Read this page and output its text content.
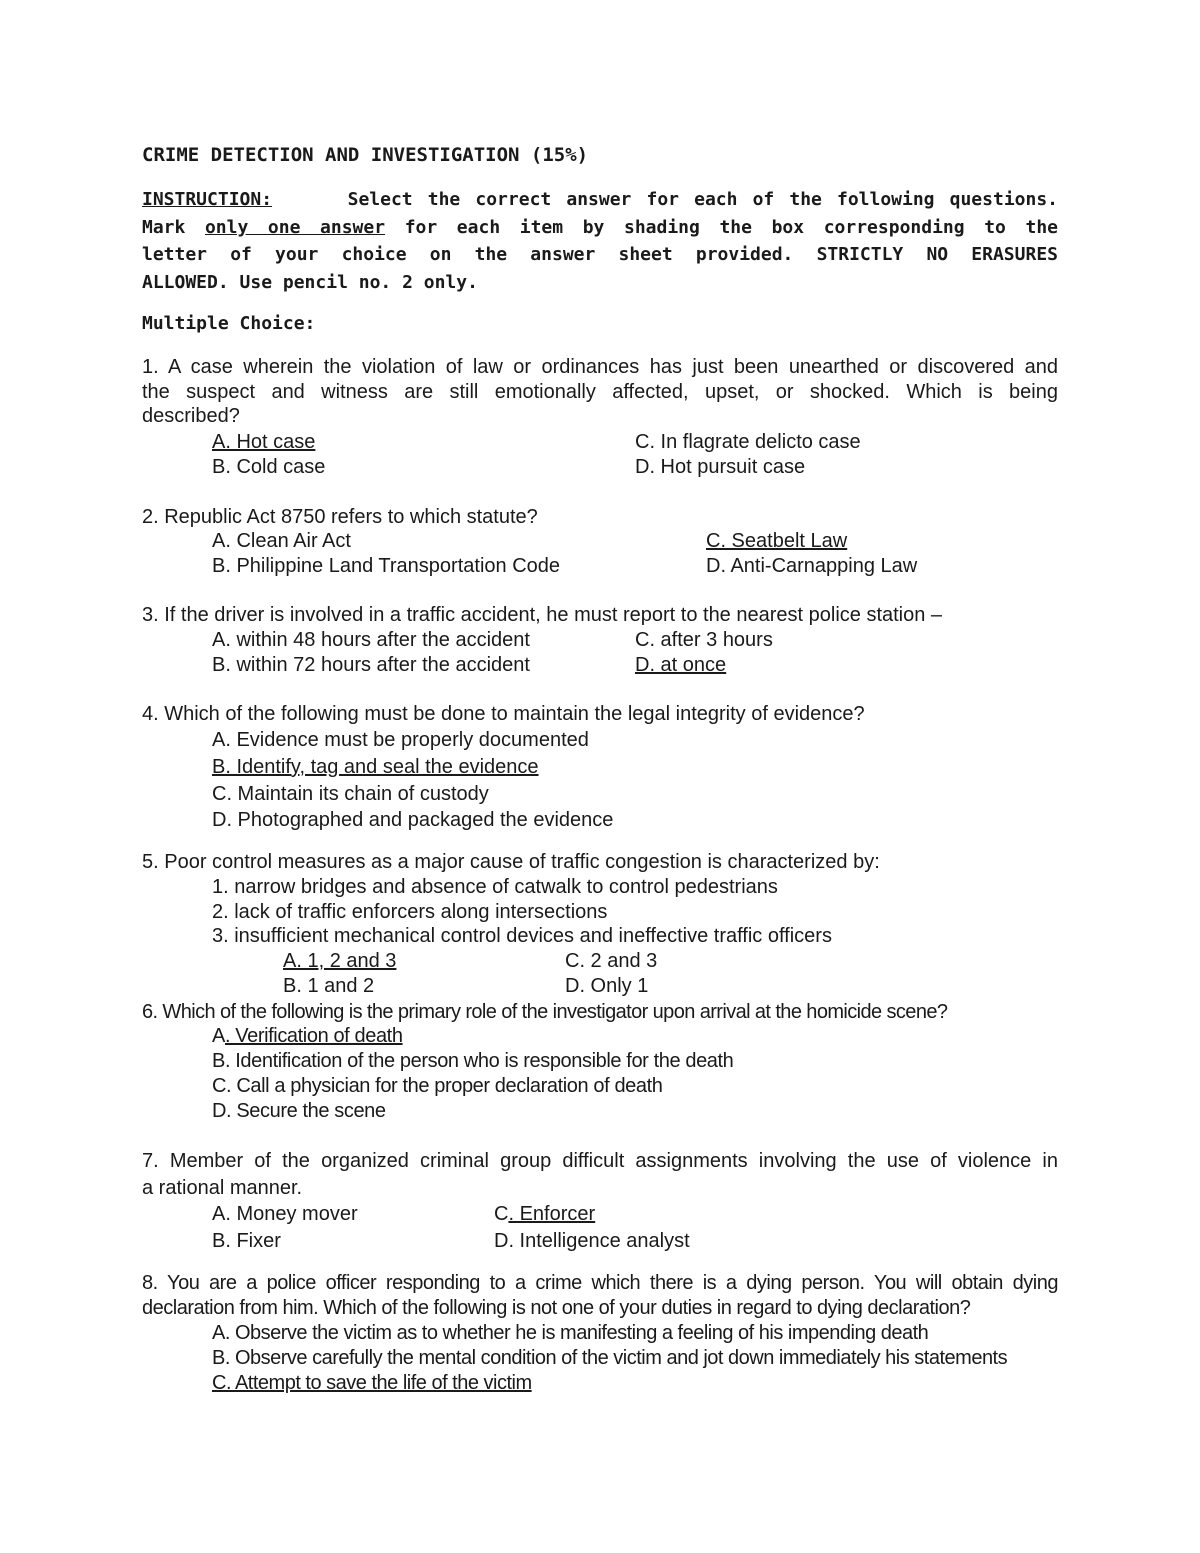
CRIME DETECTION AND INVESTIGATION (15%)
INSTRUCTION:	Select the correct answer for each of the following questions.
Mark only one answer for each item by shading the box corresponding to the
letter of your choice on the answer sheet provided. STRICTLY NO ERASURES
ALLOWED. Use pencil no. 2 only.
Multiple Choice:
1. A case wherein the violation of law or ordinances has just been unearthed or discovered and
the suspect and witness are still emotionally affected, upset, or shocked. Which is being
described?
A. Hot case
B. Cold case
C. In flagrate delicto case
D. Hot pursuit case
2. Republic Act 8750 refers to which statute?
A. Clean Air Act
B. Philippine Land Transportation Code
C. Seatbelt Law
D. Anti-Carnapping Law
3. If the driver is involved in a traffic accident, he must report to the nearest police station –
A. within 48 hours after the accident
B. within 72 hours after the accident
C. after 3 hours
D. at once
4. Which of the following must be done to maintain the legal integrity of evidence?
A. Evidence must be properly documented
B. Identify, tag and seal the evidence
C. Maintain its chain of custody
D. Photographed and packaged the evidence
5. Poor control measures as a major cause of traffic congestion is characterized by:
1. narrow bridges and absence of catwalk to control pedestrians
2. lack of traffic enforcers along intersections
3. insufficient mechanical control devices and ineffective traffic officers
A. 1, 2 and 3
B. 1 and 2
C. 2 and 3
D. Only 1
6. Which of the following is the primary role of the investigator upon arrival at the homicide scene?
A. Verification of death
B. Identification of the person who is responsible for the death
C. Call a physician for the proper declaration of death
D. Secure the scene
7. Member of the organized criminal group difficult assignments involving the use of violence in
a rational manner.
A. Money mover
B. Fixer
C. Enforcer
D. Intelligence analyst
8. You are a police officer responding to a crime which there is a dying person. You will obtain dying
declaration from him. Which of the following is not one of your duties in regard to dying declaration?
A. Observe the victim as to whether he is manifesting a feeling of his impending death
B. Observe carefully the mental condition of the victim and jot down immediately his statements
C. Attempt to save the life of the victim
